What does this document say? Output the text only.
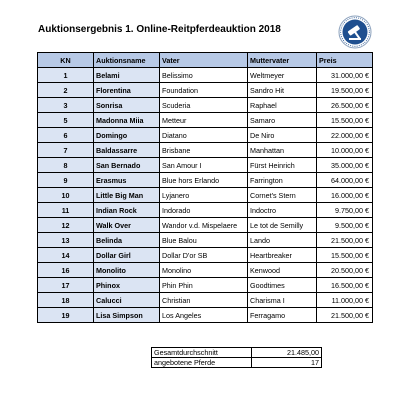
Auktionsergebnis 1. Online-Reitpferdeauktion 2018
KN	Auktionsname	Vater	Muttervater	Preis
1	Belami	Belissimo	Weltmeyer	31.000,00 €
2	Florentina	Foundation	Sandro Hit	19.500,00 €
3	Sonrisa	Scuderia	Raphael	26.500,00 €
5	Madonna Miia	Metteur	Samaro	15.500,00 €
6	Domingo	Diatano	De Niro	22.000,00 €
7	Baldassarre	Brisbane	Manhattan	10.000,00 €
8	San Bernado	San Amour I	Fürst Heinrich	35.000,00 €
9	Erasmus	Blue hors Erlando	Farrington	64.000,00 €
10	Little Big Man	Lyjanero	Cornet's Stern	16.000,00 €
11	Indian Rock	Indorado	Indoctro	9.750,00 €
12	Walk Over	Wandor v.d. Mispelaere	Le tot de Semilly	9.500,00 €
13	Belinda	Blue Balou	Lando	21.500,00 €
14	Dollar Girl	Dollar D'or SB	Heartbreaker	15.500,00 €
16	Monolito	Monolino	Kenwood	20.500,00 €
17	Phinox	Phin Phin	Goodtimes	16.500,00 €
18	Calucci	Christian	Charisma I	11.000,00 €
19	Lisa Simpson	Los Angeles	Ferragamo	21.500,00 €
Gesamtdurchschnitt	21.485,00
angebotene Pferde	17
